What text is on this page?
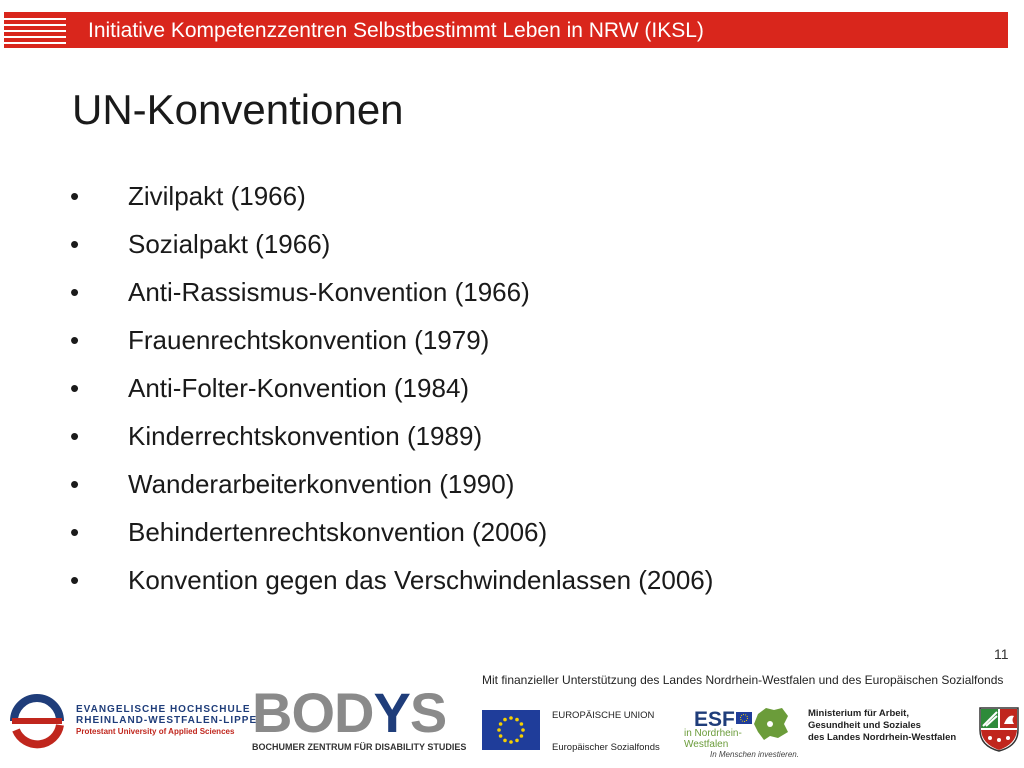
Initiative Kompetenzzentren Selbstbestimmt Leben in NRW (IKSL)
UN-Konventionen
•	Zivilpakt (1966)
•	Sozialpakt (1966)
•	Anti-Rassismus-Konvention (1966)
•	Frauenrechtskonvention (1979)
•	Anti-Folter-Konvention (1984)
•	Kinderrechtskonvention (1989)
•	Wanderarbeiterkonvention (1990)
•	Behindertenrechtskonvention (2006)
•	Konvention gegen das Verschwindenlassen (2006)
11
Mit finanzieller Unterstützung des Landes Nordrhein-Westfalen und des Europäischen Sozialfonds
EVANGELISCHE HOCHSCHULE
RHEINLAND-WESTFALEN-LIPPE
Protestant University of Applied Sciences BODYS
BOCHUMER ZENTRUM FÜR DISABILITY STUDIES
EUROPÄISCHE UNION
Europäischer Sozialfonds
ESF
in Nordrhein-
Westfalen
In Menschen investieren.
Ministerium für Arbeit,
Gesundheit und Soziales
des Landes Nordrhein-Westfalen
